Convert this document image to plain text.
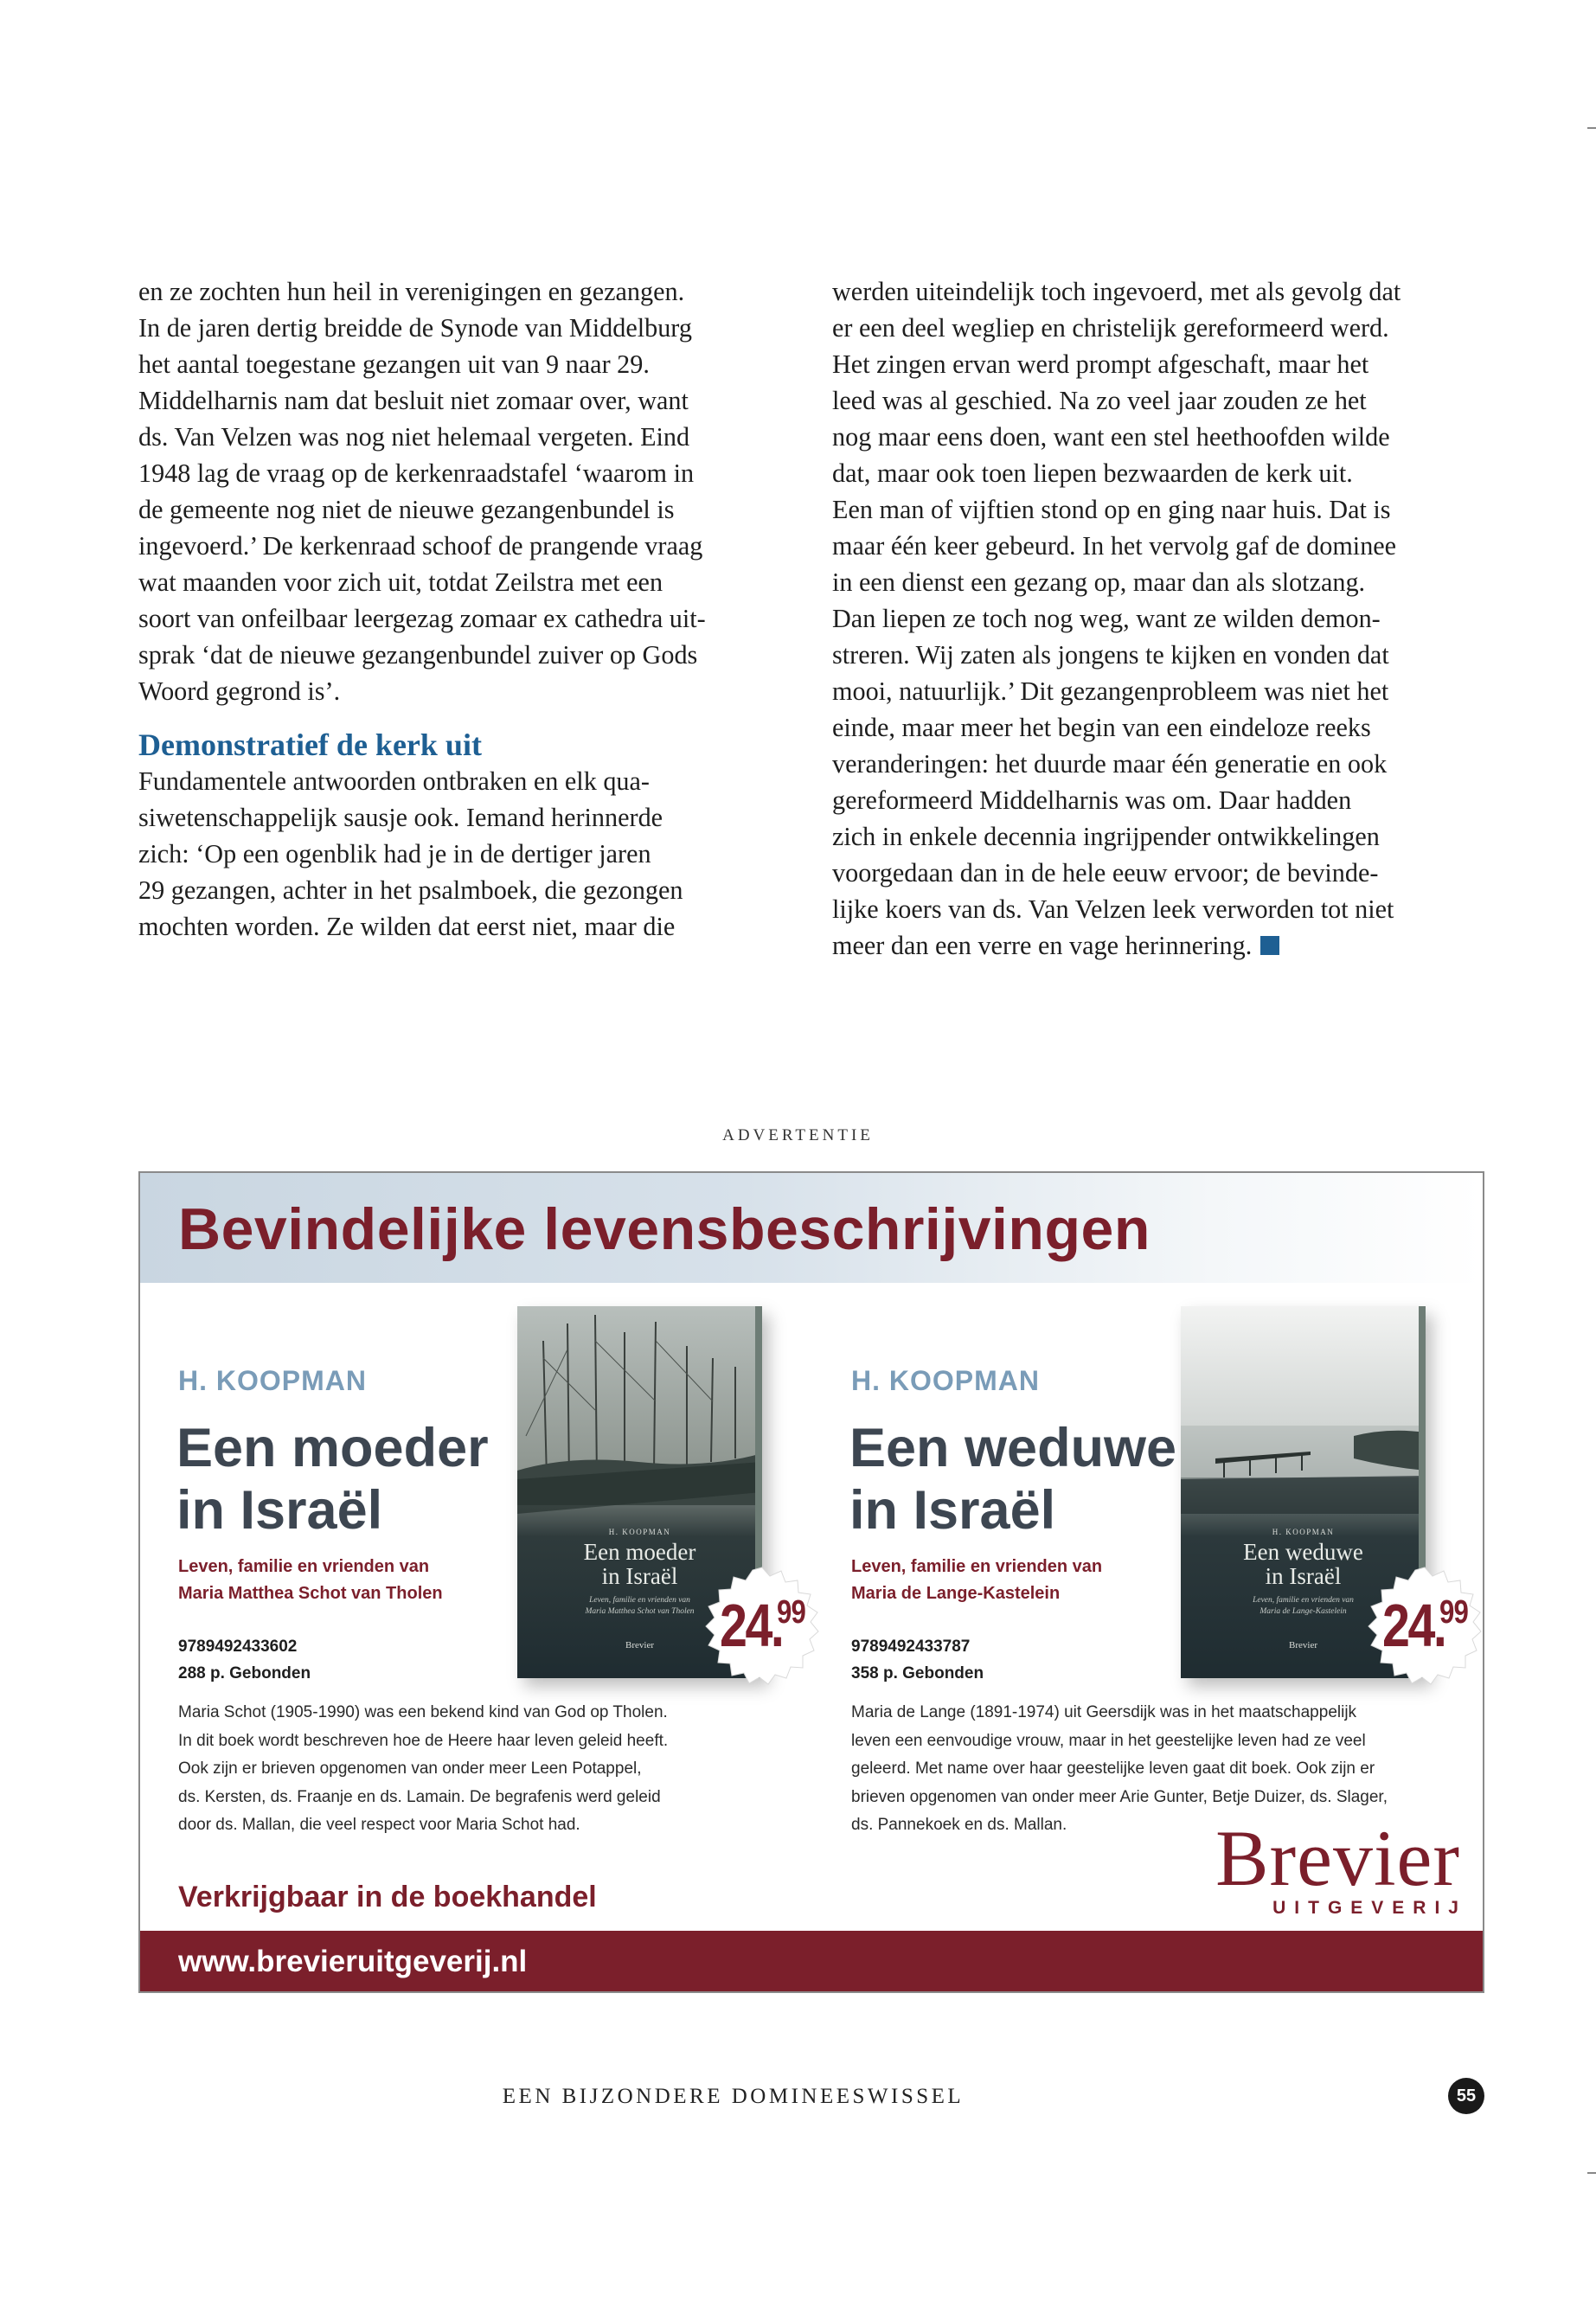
en ze zochten hun heil in verenigingen en gezangen.
In de jaren dertig breidde de Synode van Middelburg
het aantal toegestane gezangen uit van 9 naar 29.
Middelharnis nam dat besluit niet zomaar over, want
ds. Van Velzen was nog niet helemaal vergeten. Eind
1948 lag de vraag op de kerkenraadstafel ‘waarom in
de gemeente nog niet de nieuwe gezangenbundel is
ingevoerd.’ De kerkenraad schoof de prangende vraag
wat maanden voor zich uit, totdat Zeilstra met een
soort van onfeilbaar leergezag zomaar ex cathedra uit-
sprak ‘dat de nieuwe gezangenbundel zuiver op Gods
Woord gegrond is’.

Demonstratief de kerk uit

Fundamentele antwoorden ontbraken en elk qua-
siwetenschappelijk sausje ook. Iemand herinnerde
zich: ‘Op een ogenblik had je in de dertiger jaren
29 gezangen, achter in het psalmboek, die gezongen
mochten worden. Ze wilden dat eerst niet, maar die

werden uiteindelijk toch ingevoerd, met als gevolg dat
er een deel wegliep en christelijk gereformeerd werd.
Het zingen ervan werd prompt afgeschaft, maar het
leed was al geschied. Na zo veel jaar zouden ze het
nog maar eens doen, want een stel heethoofden wilde
dat, maar ook toen liepen bezwaarden de kerk uit.
Een man of vijftien stond op en ging naar huis. Dat is
maar één keer gebeurd. In het vervolg gaf de dominee
in een dienst een gezang op, maar dan als slotzang.
Dan liepen ze toch nog weg, want ze wilden demon-
streren. Wij zaten als jongens te kijken en vonden dat
mooi, natuurlijk.’ Dit gezangenprobleem was niet het
einde, maar meer het begin van een eindeloze reeks
veranderingen: het duurde maar één generatie en ook
gereformeerd Middelharnis was om. Daar hadden
zich in enkele decennia ingrijpender ontwikkelingen
voorgedaan dan in de hele eeuw ervoor; de bevinde-
lijke koers van ds. Van Velzen leek verworden tot niet
meer dan een verre en vage herinnering.

ADVERTENTIE
Bevindelijke levensbeschrijvingen
H. KOOPMAN
Een moeder
in Israël
Leven, familie en vrienden van
Maria Matthea Schot van Tholen
9789492433602
288 p. Gebonden
Maria Schot (1905-1990) was een bekend kind van God op Tholen.
In dit boek wordt beschreven hoe de Heere haar leven geleid heeft.
Ook zijn er brieven opgenomen van onder meer Leen Potappel,
ds. Kersten, ds. Fraanje en ds. Lamain. De begrafenis werd geleid
door ds. Mallan, die veel respect voor Maria Schot had.
H. KOOPMAN
Een moeder
in Israël
Leven, familie en vrienden van
Maria Matthea Schot van Tholen
Brevier	24.
99
H. KOOPMAN
Een weduwe
in Israël
Leven, familie en vrienden van
Maria de Lange-Kastelein
9789492433787
358 p. Gebonden
Maria de Lange (1891-1974) uit Geersdijk was in het maatschappelijk
leven een eenvoudige vrouw, maar in het geestelijke leven had ze veel
geleerd. Met name over haar geestelijke leven gaat dit boek. Ook zijn er
brieven opgenomen van onder meer Arie Gunter, Betje Duizer, ds. Slager,
ds. Pannekoek en ds. Mallan.
H. KOOPMAN
Een weduwe
in Israël
Leven, familie en vrienden van
Maria de Lange-Kastelein
Brevier	24.
99
Brevier
UITGEVERIJ
Verkrijgbaar in de boekhandel
www.brevieruitgeverij.nl
EEN BIJZONDERE DOMINEESWISSEL	55
